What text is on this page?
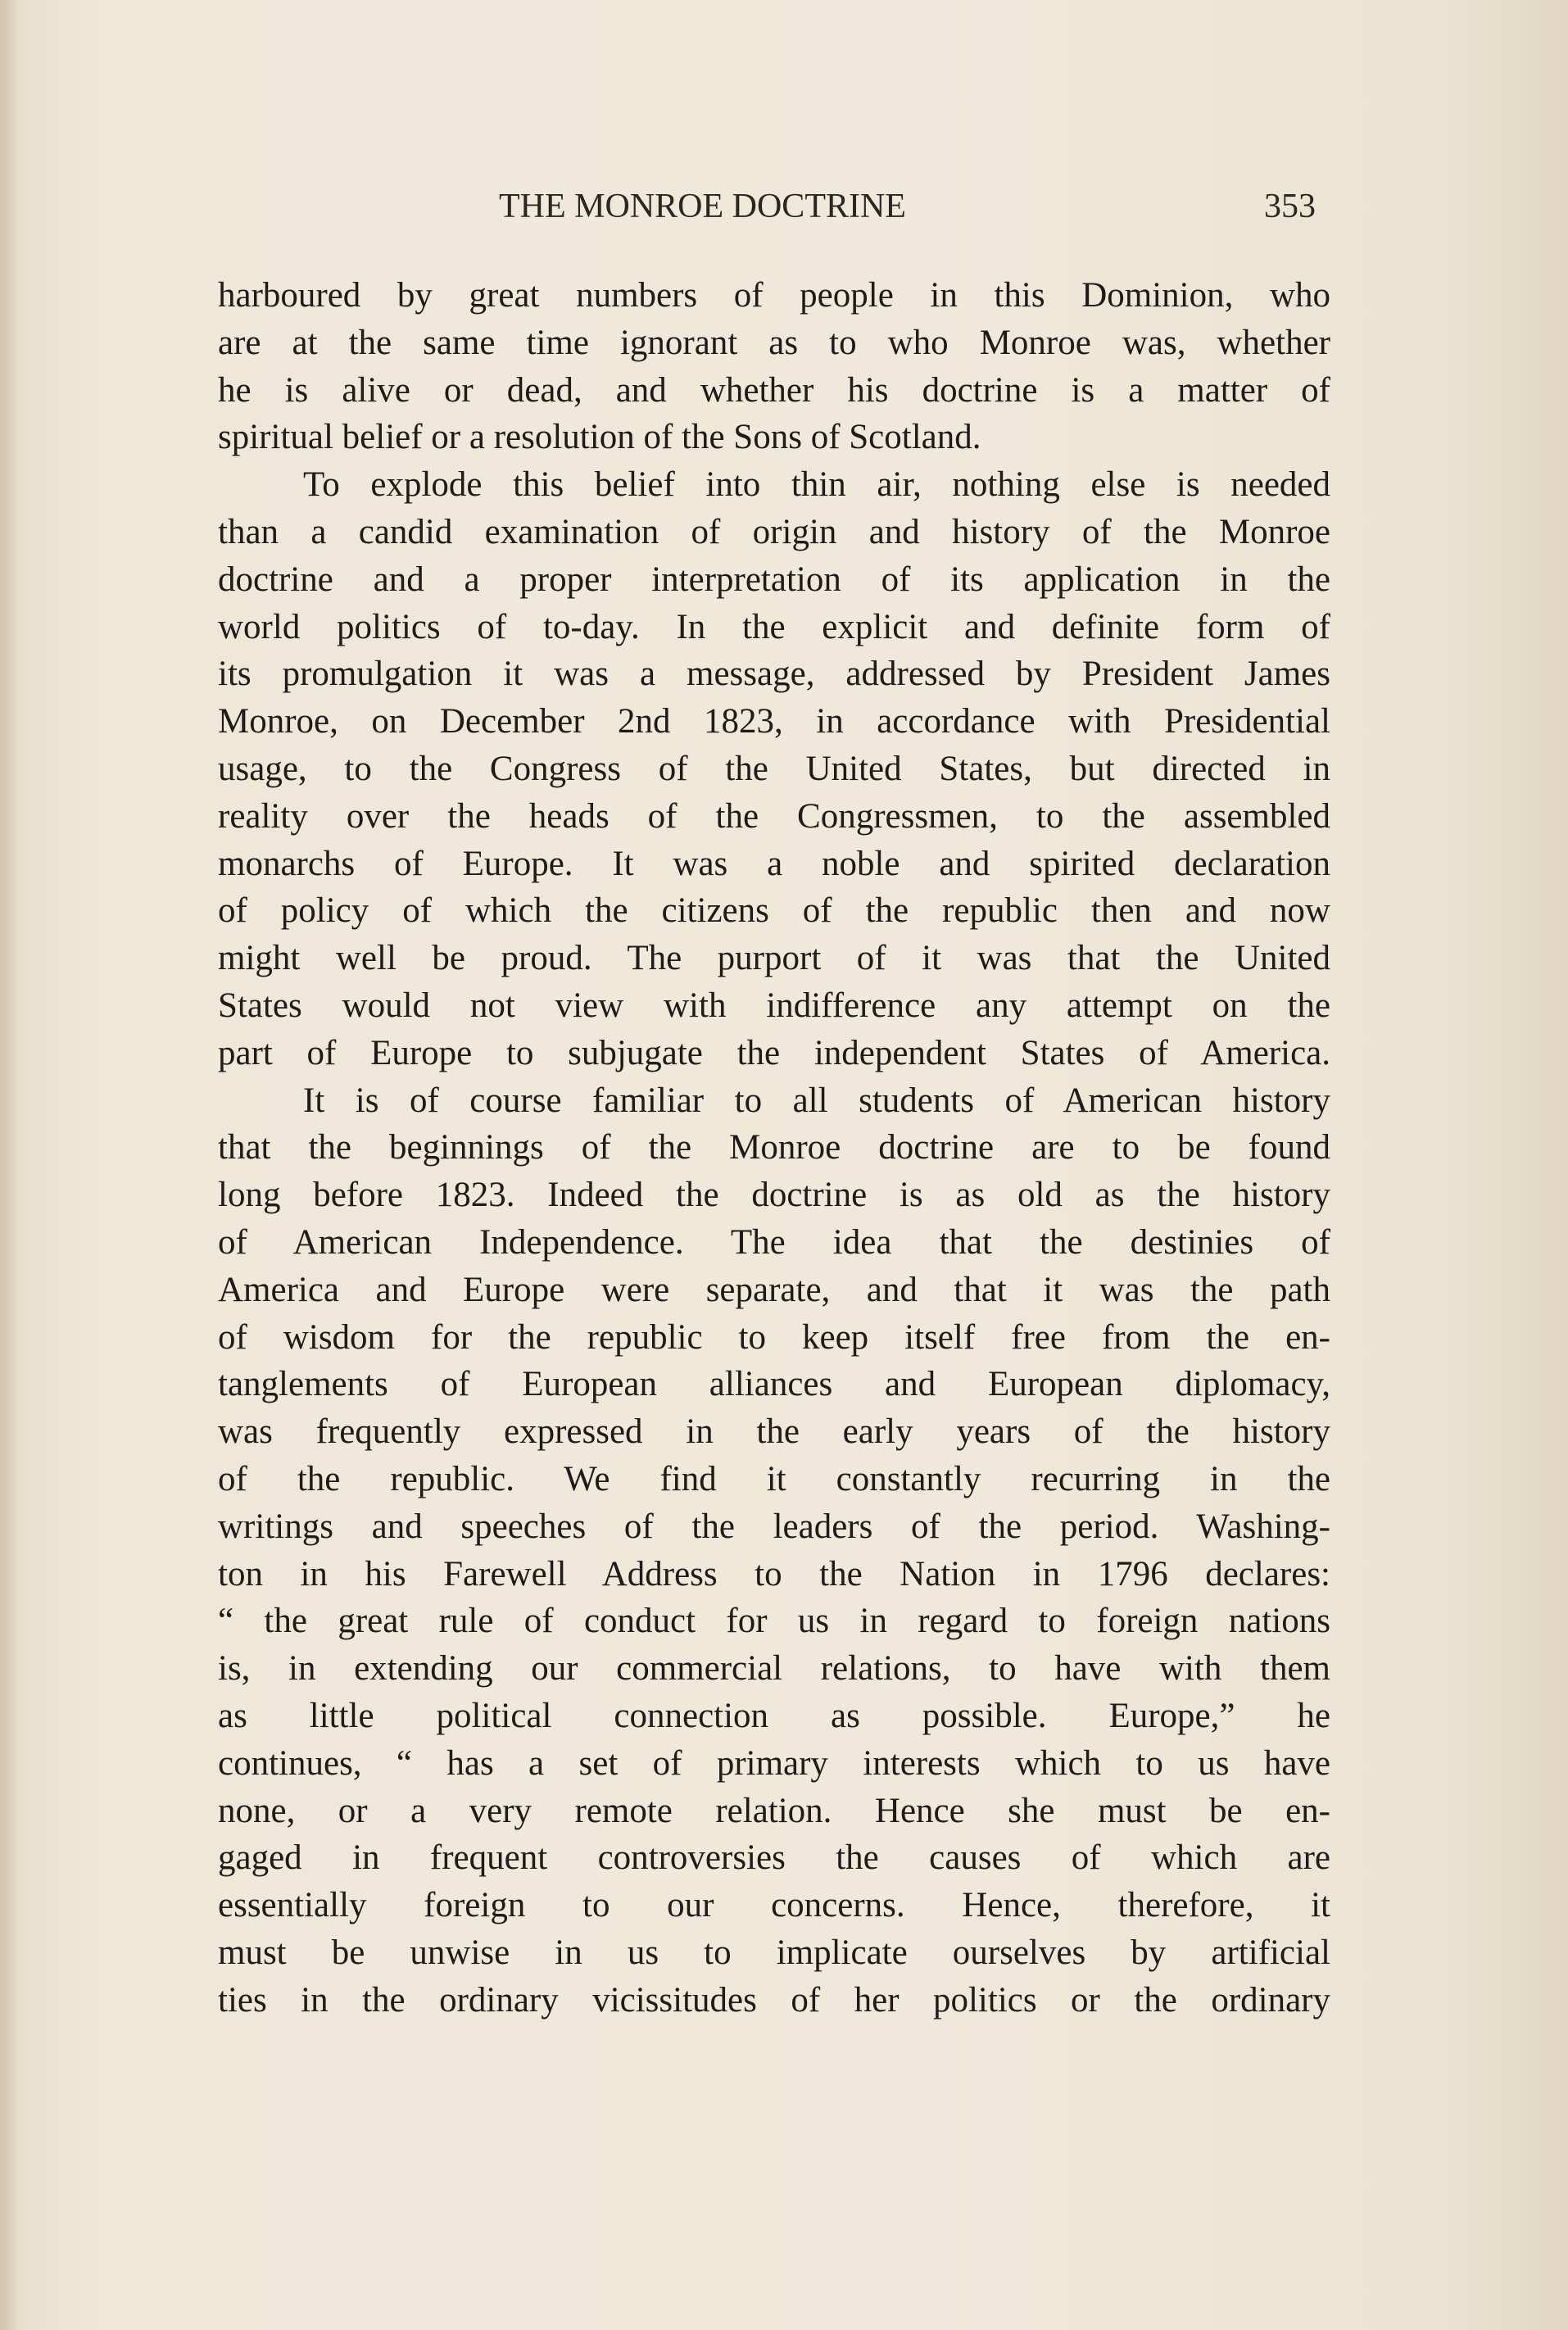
THE MONROE DOCTRINE	353
harboured by great numbers of people in this Dominion, who
are at the same time ignorant as to who Monroe was, whether
he is alive or dead, and whether his doctrine is a matter of
spiritual belief or a resolution of the Sons of Scotland.
To explode this belief into thin air, nothing else is needed
than a candid examination of origin and history of the Monroe
doctrine and a proper interpretation of its application in the
world politics of to-day. In the explicit and definite form of
its promulgation it was a message, addressed by President James
Monroe, on December 2nd 1823, in accordance with Presidential
usage, to the Congress of the United States, but directed in
reality over the heads of the Congressmen, to the assembled
monarchs of Europe. It was a noble and spirited declaration
of policy of which the citizens of the republic then and now
might well be proud. The purport of it was that the United
States would not view with indifference any attempt on the
part of Europe to subjugate the independent States of America.
It is of course familiar to all students of American history
that the beginnings of the Monroe doctrine are to be found
long before 1823. Indeed the doctrine is as old as the history
of American Independence. The idea that the destinies of
America and Europe were separate, and that it was the path
of wisdom for the republic to keep itself free from the en-
tanglements of European alliances and European diplomacy,
was frequently expressed in the early years of the history
of the republic. We find it constantly recurring in the
writings and speeches of the leaders of the period. Washing-
ton in his Farewell Address to the Nation in 1796 declares:
“ the great rule of conduct for us in regard to foreign nations
is, in extending our commercial relations, to have with them
as little political connection as possible. Europe,” he
continues, “ has a set of primary interests which to us have
none, or a very remote relation. Hence she must be en-
gaged in frequent controversies the causes of which are
essentially foreign to our concerns. Hence, therefore, it
must be unwise in us to implicate ourselves by artificial
ties in the ordinary vicissitudes of her politics or the ordinary
